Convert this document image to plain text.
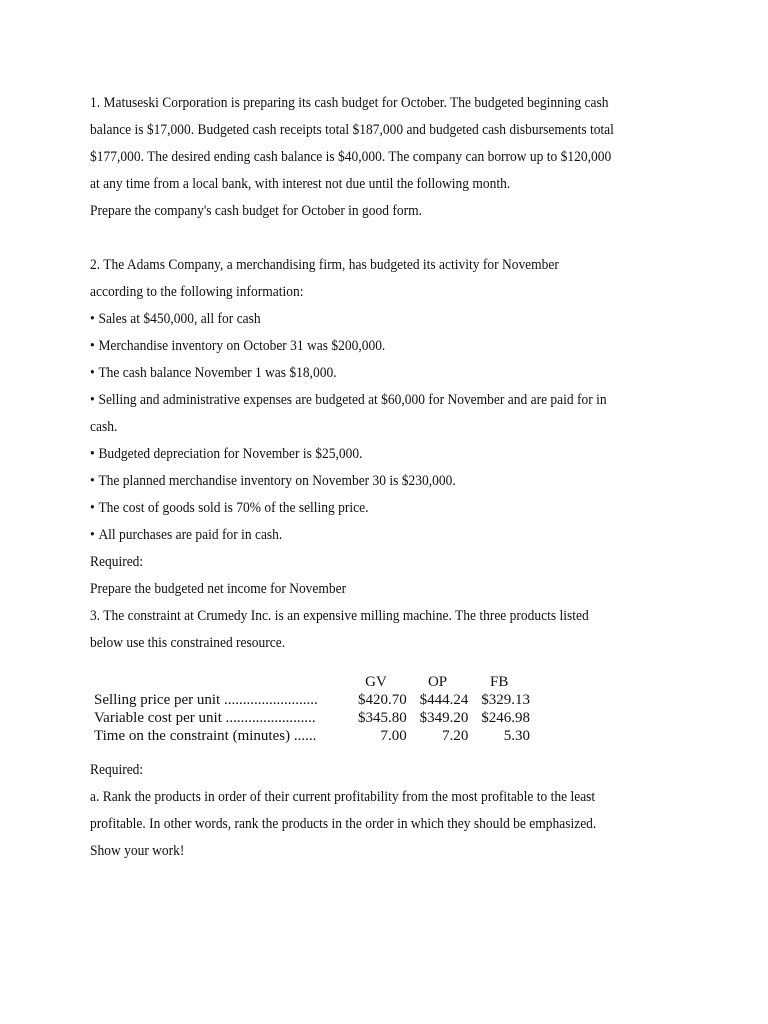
1. Matuseski Corporation is preparing its cash budget for October. The budgeted beginning cash
balance is $17,000. Budgeted cash receipts total $187,000 and budgeted cash disbursements total
$177,000. The desired ending cash balance is $40,000. The company can borrow up to $120,000
at any time from a local bank, with interest not due until the following month.
Prepare the company's cash budget for October in good form.
2. The Adams Company, a merchandising firm, has budgeted its activity for November
according to the following information:
• Sales at $450,000, all for cash
• Merchandise inventory on October 31 was $200,000.
• The cash balance November 1 was $18,000.
• Selling and administrative expenses are budgeted at $60,000 for November and are paid for in
cash.
• Budgeted depreciation for November is $25,000.
• The planned merchandise inventory on November 30 is $230,000.
• The cost of goods sold is 70% of the selling price.
• All purchases are paid for in cash.
Required:
Prepare the budgeted net income for November
3. The constraint at Crumedy Inc. is an expensive milling machine. The three products listed
below use this constrained resource.
	GV	OP	FB
Selling price per unit .........................	$420.70	$444.24	$329.13
Variable cost per unit ........................	$345.80	$349.20	$246.98
Time on the constraint (minutes) ......	7.00	7.20	5.30
Required:
a. Rank the products in order of their current profitability from the most profitable to the least
profitable. In other words, rank the products in the order in which they should be emphasized.
Show your work!
